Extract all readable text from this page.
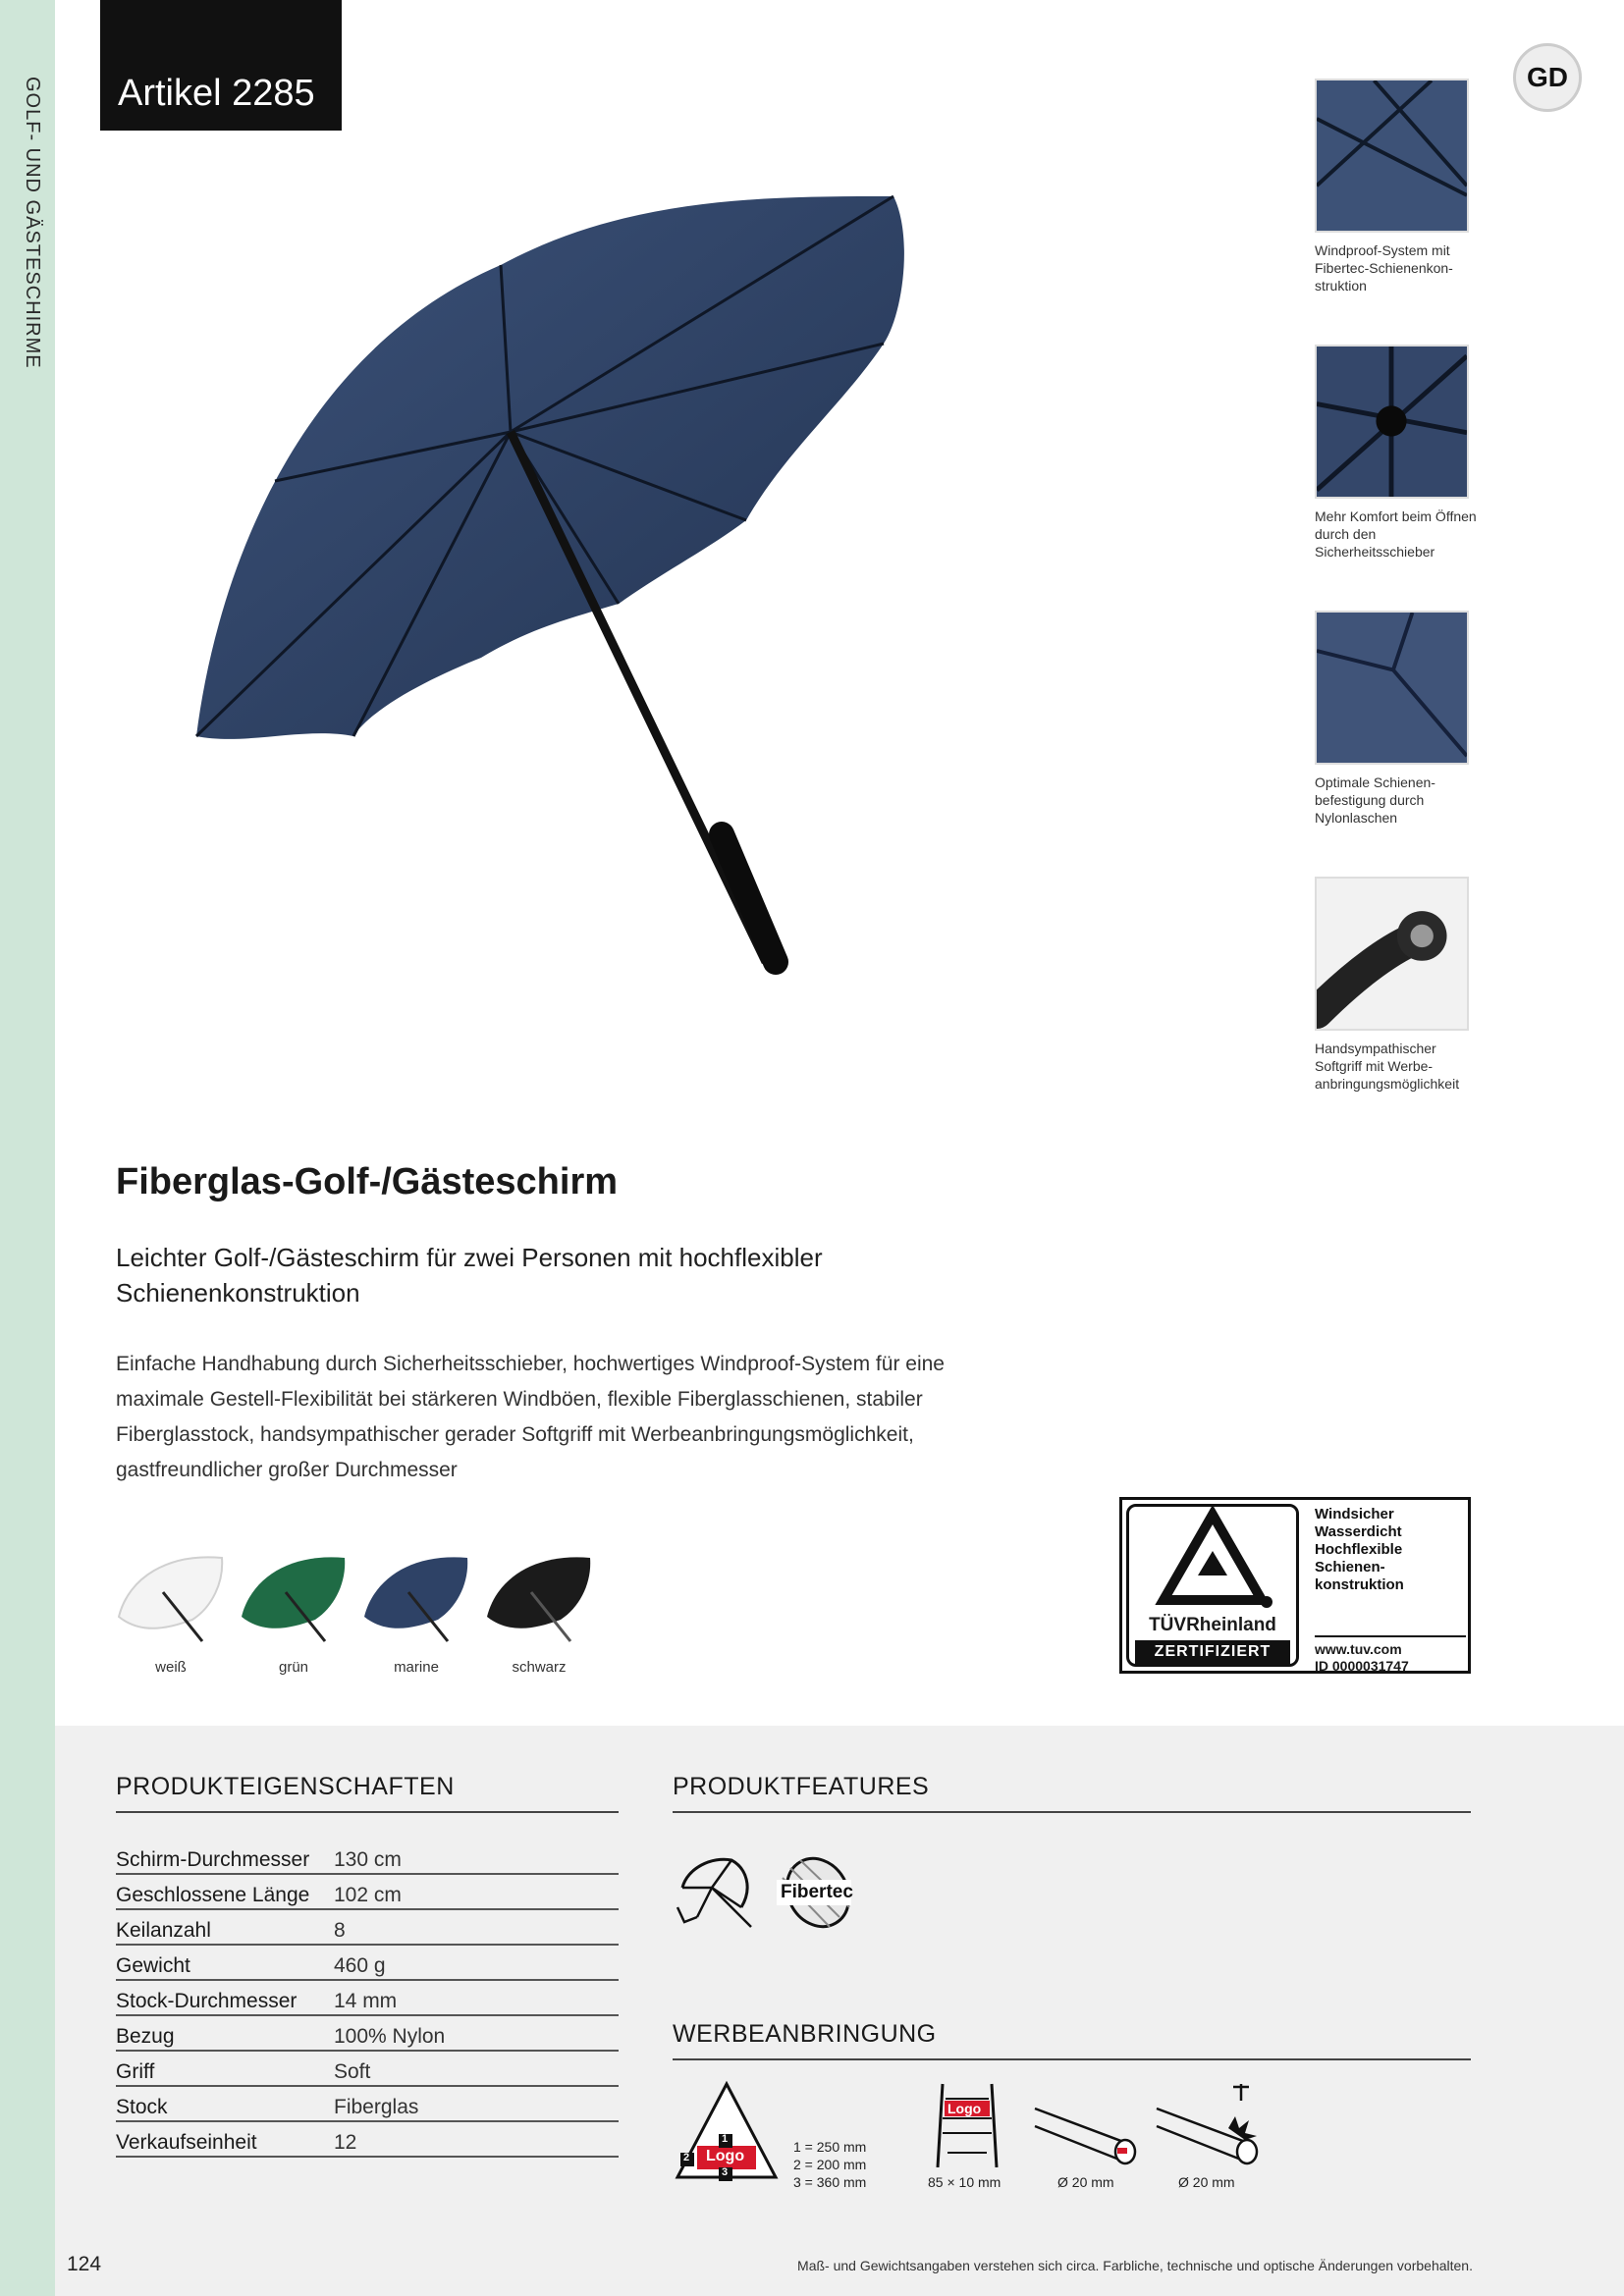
GOLF- UND GÄSTESCHIRME Artikel 2285	GD
Windproof-System mit Fibertec-Schienenkon-struktion
Mehr Komfort beim Öffnen durch den Sicherheitsschieber
Optimale Schienen-befestigung durch Nylonlaschen
Handsympathischer Softgriff mit Werbe-anbringungsmöglichkeit
Fiberglas-Golf-/Gästeschirm
Leichter Golf-/Gästeschirm für zwei Personen mit hochflexibler Schienenkonstruktion
Einfache Handhabung durch Sicherheitsschieber, hochwertiges Windproof-System für eine maximale Gestell-Flexibilität bei stärkeren Windböen, flexible Fiberglasschienen, stabiler Fiberglasstock, handsympathischer gerader Softgriff mit Werbeanbringungsmöglichkeit, gastfreundlicher großer Durchmesser
weiß	grün	marine	schwarz
TÜVRheinland
ZERTIFIZIERT
Windsicher
Wasserdicht
Hochflexible
Schienen-
konstruktion
www.tuv.com
ID 0000031747
PRODUKTEIGENSCHAFTEN
Schirm-Durchmesser 130 cm
Geschlossene Länge 102 cm
Keilanzahl	8
Gewicht	460 g
Stock-Durchmesser 14 mm
Bezug	100% Nylon
Griff	Soft
Stock	Fiberglas
Verkaufseinheit	12
PRODUKTFEATURES
Fibertec
WERBEANBRINGUNG
Logo
1
2
3
1 = 250 mm
2 = 200 mm
3 = 360 mm
Logo
85 × 10 mm	Ø 20 mm	Ø 20 mm
124	Maß- und Gewichtsangaben verstehen sich circa. Farbliche, technische und optische Änderungen vorbehalten.
